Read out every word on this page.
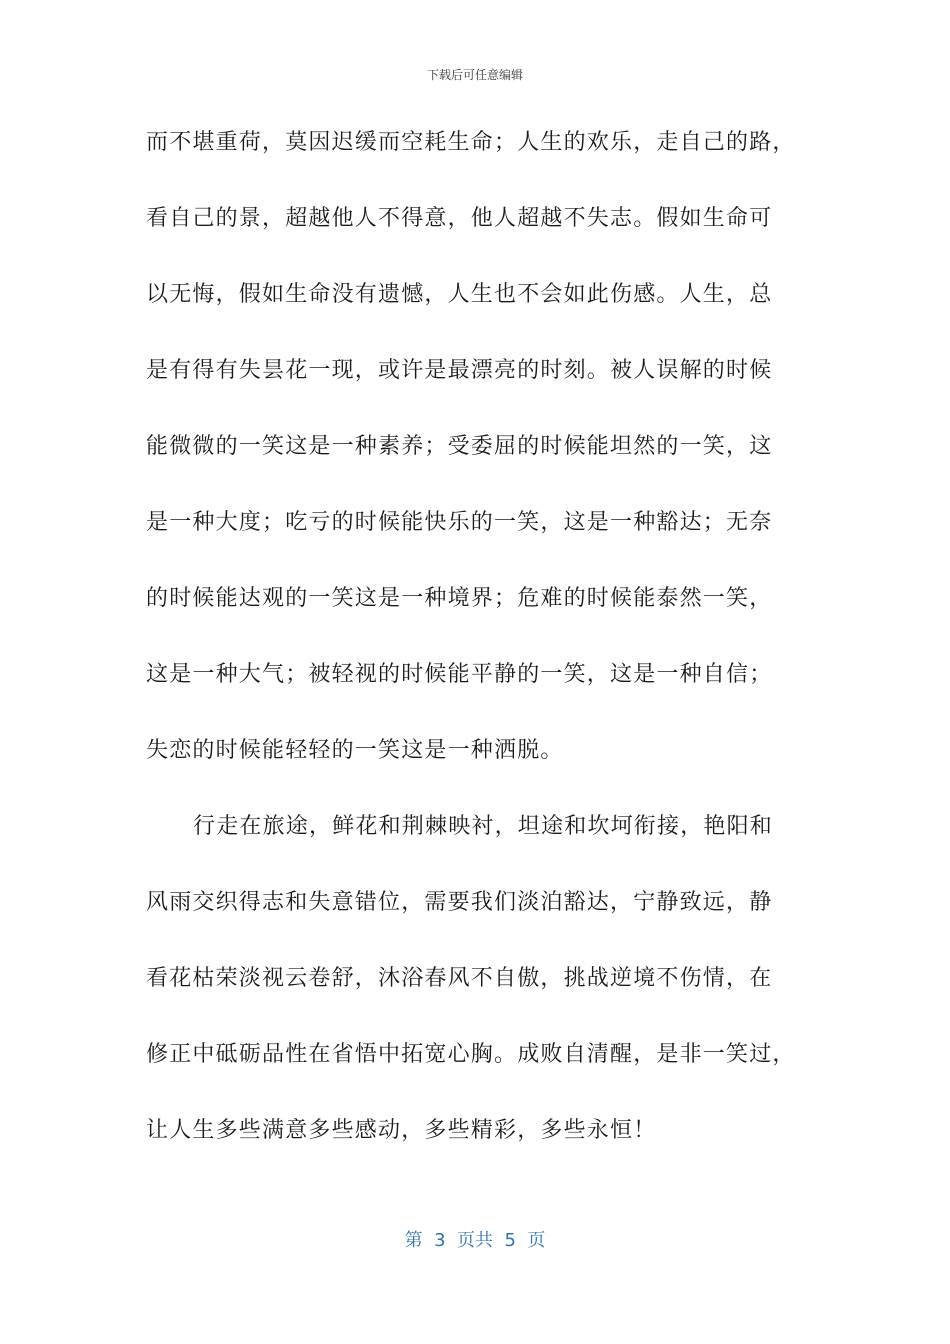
下载后可任意编辑
而不堪重荷，莫因迟缓而空耗生命；人生的欢乐，走自己的路，
看自己的景，超越他人不得意，他人超越不失志。假如生命可
以无悔，假如生命没有遗憾，人生也不会如此伤感。人生，总
是有得有失昙花一现，或许是最漂亮的时刻。被人误解的时候
能微微的一笑这是一种素养；受委屈的时候能坦然的一笑，这
是一种大度；吃亏的时候能快乐的一笑，这是一种豁达；无奈
的时候能达观的一笑这是一种境界；危难的时候能泰然一笑，
这是一种大气；被轻视的时候能平静的一笑，这是一种自信；
失恋的时候能轻轻的一笑这是一种洒脱。
行走在旅途，鲜花和荆棘映衬，坦途和坎坷衔接，艳阳和
风雨交织得志和失意错位，需要我们淡泊豁达，宁静致远，静
看花枯荣淡视云卷舒，沐浴春风不自傲，挑战逆境不伤情，在
修正中砥砺品性在省悟中拓宽心胸。成败自清醒，是非一笑过，
让人生多些满意多些感动，多些精彩，多些永恒！
第  3  页共  5  页
